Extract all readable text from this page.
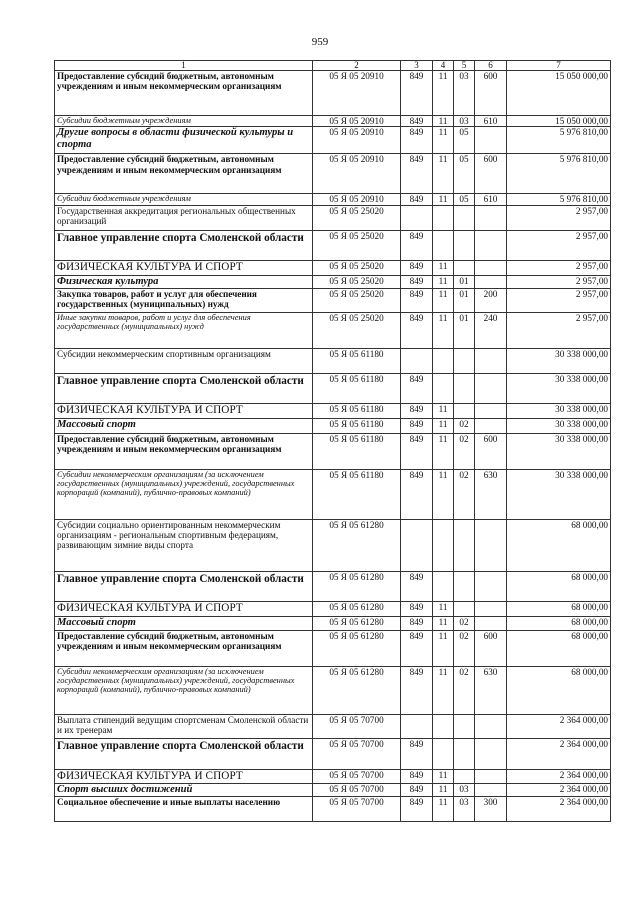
959
1	2	3	4	5	6	7
Предоставление субсидий бюджетным, автономным учреждениям и иным некоммерческим организациям	05 Я 05 20910	849	11	03	600	15 050 000,00
Субсидии бюджетным учреждениям	05 Я 05 20910	849	11	03	610	15 050 000,00
Другие вопросы в области физической культуры и спорта	05 Я 05 20910	849	11	05		5 976 810,00
Предоставление субсидий бюджетным, автономным учреждениям и иным некоммерческим организациям	05 Я 05 20910	849	11	05	600	5 976 810,00
Субсидии бюджетным учреждениям	05 Я 05 20910	849	11	05	610	5 976 810,00
Государственная аккредитация региональных общественных организаций	05 Я 05 25020					2 957,00
Главное управление спорта Смоленской области	05 Я 05 25020	849				2 957,00
ФИЗИЧЕСКАЯ КУЛЬТУРА И СПОРТ	05 Я 05 25020	849	11			2 957,00
Физическая культура	05 Я 05 25020	849	11	01		2 957,00
Закупка товаров, работ и услуг для обеспечения государственных (муниципальных) нужд	05 Я 05 25020	849	11	01	200	2 957,00
Иные закупки товаров, работ и услуг для обеспечения государственных (муниципальных) нужд	05 Я 05 25020	849	11	01	240	2 957,00
Субсидии некоммерческим спортивным организациям	05 Я 05 61180					30 338 000,00
Главное управление спорта Смоленской области	05 Я 05 61180	849				30 338 000,00
ФИЗИЧЕСКАЯ КУЛЬТУРА И СПОРТ	05 Я 05 61180	849	11			30 338 000,00
Массовый спорт	05 Я 05 61180	849	11	02		30 338 000,00
Предоставление субсидий бюджетным, автономным учреждениям и иным некоммерческим организациям	05 Я 05 61180	849	11	02	600	30 338 000,00
Субсидии некоммерческим организациям (за исключением государственных (муниципальных) учреждений, государственных корпораций (компаний), публично-правовых компаний)	05 Я 05 61180	849	11	02	630	30 338 000,00
Субсидии социально ориентированным некоммерческим организациям - региональным спортивным федерациям, развивающим зимние виды спорта	05 Я 05 61280					68 000,00
Главное управление спорта Смоленской области	05 Я 05 61280	849				68 000,00
ФИЗИЧЕСКАЯ КУЛЬТУРА И СПОРТ	05 Я 05 61280	849	11			68 000,00
Массовый спорт	05 Я 05 61280	849	11	02		68 000,00
Предоставление субсидий бюджетным, автономным учреждениям и иным некоммерческим организациям	05 Я 05 61280	849	11	02	600	68 000,00
Субсидии некоммерческим организациям (за исключением государственных (муниципальных) учреждений, государственных корпораций (компаний), публично-правовых компаний)	05 Я 05 61280	849	11	02	630	68 000,00
Выплата стипендий ведущим спортсменам Смоленской области и их тренерам	05 Я 05 70700					2 364 000,00
Главное управление спорта Смоленской области	05 Я 05 70700	849				2 364 000,00
ФИЗИЧЕСКАЯ КУЛЬТУРА И СПОРТ	05 Я 05 70700	849	11			2 364 000,00
Спорт высших достижений	05 Я 05 70700	849	11	03		2 364 000,00
Социальное обеспечение и иные выплаты населению	05 Я 05 70700	849	11	03	300	2 364 000,00
